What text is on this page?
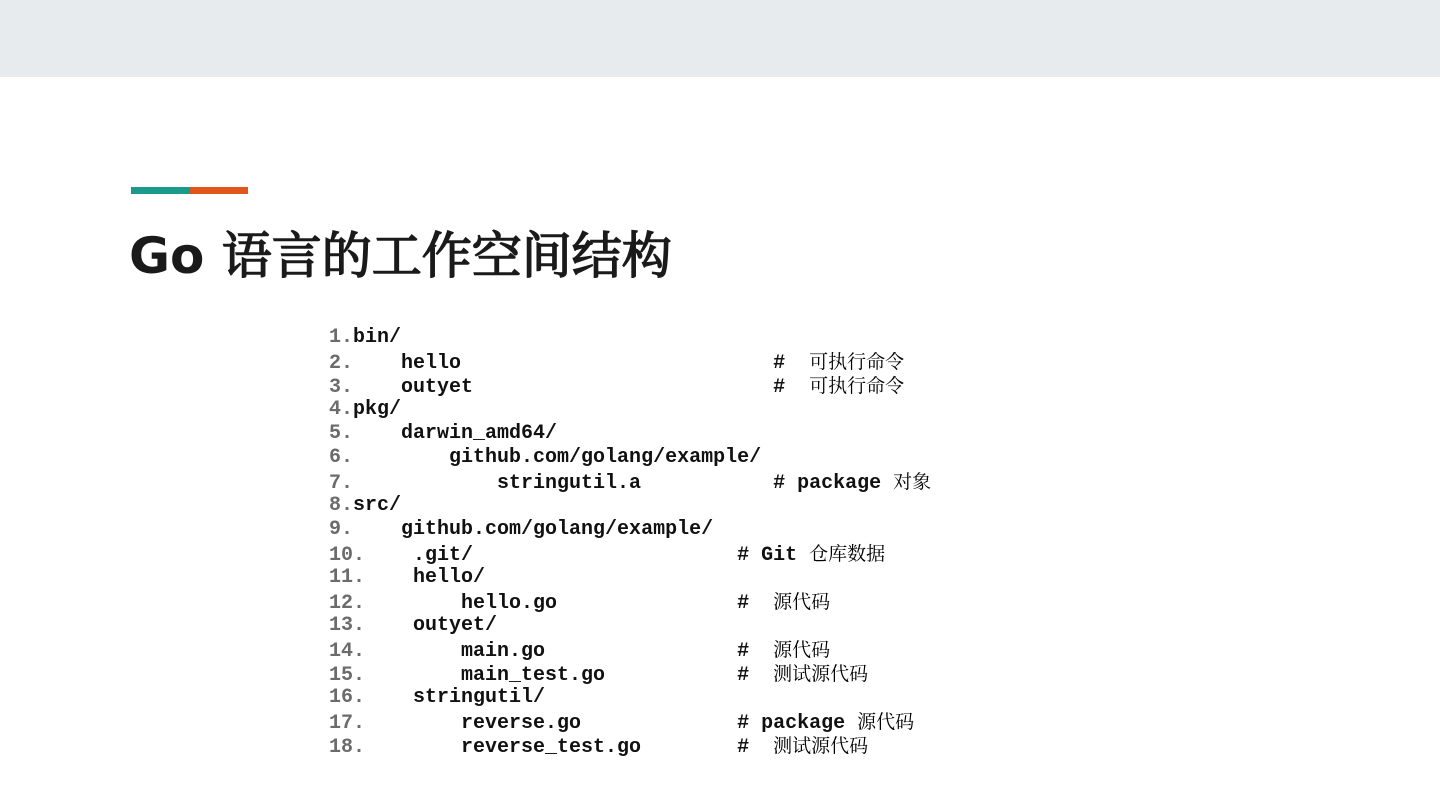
Go 语言的工作空间结构
1.bin/
2.    hello                          #  可执行命令
3.    outyet                         #  可执行命令
4.pkg/
5.    darwin_amd64/
6.        github.com/golang/example/
7.            stringutil.a           # package 对象
8.src/
9.    github.com/golang/example/
10.    .git/                      # Git 仓库数据
11.    hello/
12.        hello.go               #  源代码
13.    outyet/
14.        main.go                #  源代码
15.        main_test.go           #  测试源代码
16.    stringutil/
17.        reverse.go             # package 源代码
18.        reverse_test.go        #  测试源代码
